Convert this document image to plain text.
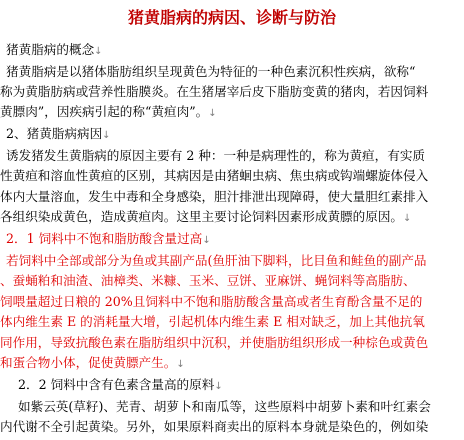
猪黄脂病的病因、诊断与防治
猪黄脂病的概念↓
猪黄脂病是以猪体脂肪组织呈现黄色为特征的一种色素沉积性疾病，欲称“
称为黄脂肪病或营养性脂膜炎。在生猪屠宰后皮下脂肪变黄的猪肉，若因饲料
黄膘肉”，因疾病引起的称“黄疸肉”。↓
2、猪黄脂病病因↓
诱发猪发生黄脂病的原因主要有 2 种：一种是病理性的，称为黄疸，有实质
性黄疸和溶血性黄疸的区别，其病因是由猪蛔虫病、焦虫病或钩端螺旋体侵入
体内大量溶血，发生中毒和全身感染，胆汁排泄出现障碍，使大量胆红素排入
各组织染成黄色，造成黄疸肉。这里主要讨论饲料因素形成黄膘的原因。↓
2．1 饲料中不饱和脂肪酸含量过高↓
若饲料中全部或部分为鱼或其副产品(鱼肝油下脚料，比目鱼和鲑鱼的副产品
、蚕蛹粕和油渣、油樟类、米糠、玉米、豆饼、亚麻饼、蝇饲料等高脂肪、
饲喂量超过日粮的 20%且饲料中不饱和脂肪酸含量高或者生育酚含量不足的
体内维生素 E 的消耗量大增，引起机体内维生素 E 相对缺乏，加上其他抗氧
同作用，导致抗酸色素在脂肪组织中沉积，并使脂肪组织形成一种棕色或黄色
和蛋合物小体，促使黄膘产生。↓
2．2 饲料中含有色素含量高的原料↓
如紫云英(草籽)、芜青、胡萝卜和南瓜等，这些原料中胡萝卜素和叶红素会
内代谢不全引起黄染。另外，如果原料商卖出的原料本身就是染色的，例如染
